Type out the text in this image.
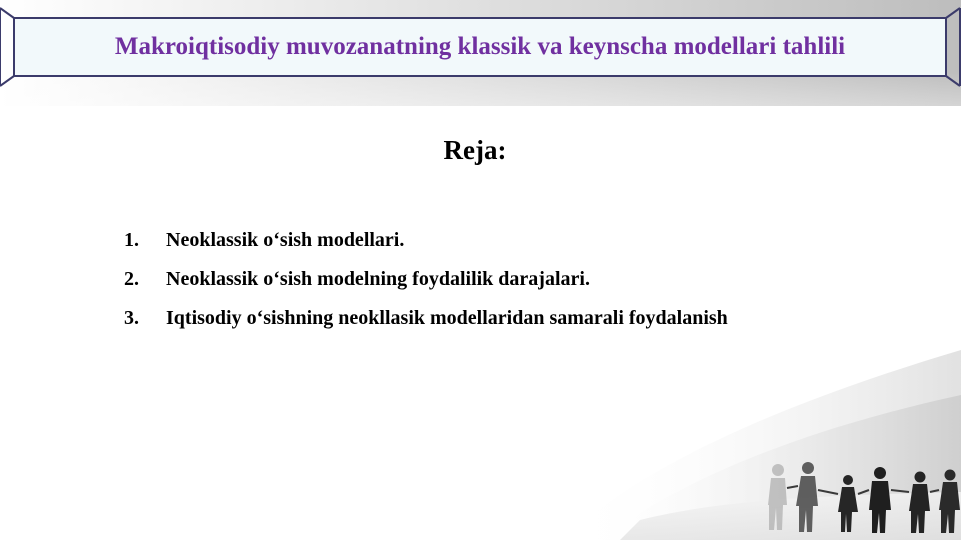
Makroiqtisodiy muvozanatning klassik va keynscha modellari tahlili
Reja:
1.	Neoklassik o‘sish modellari.
2.	Neoklassik o‘sish modelning foydalilik darajalari.
3.	Iqtisodiy o‘sishning neokllasik modellaridan samarali foydalanish
